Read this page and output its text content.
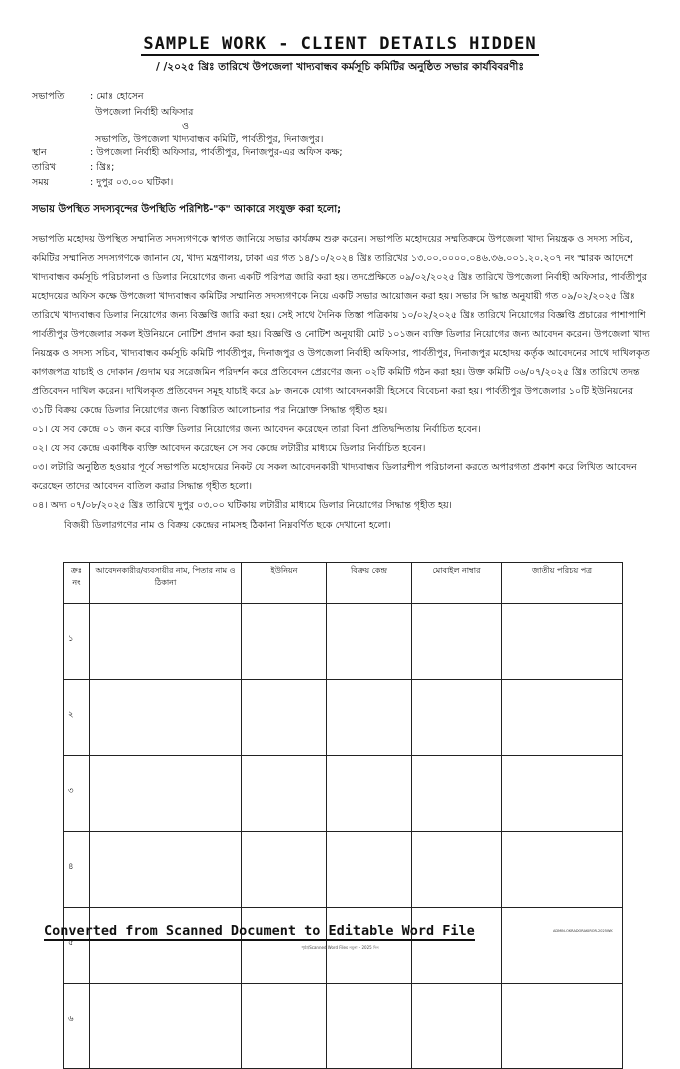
SAMPLE WORK - CLIENT DETAILS HIDDEN
/ /২০২৫ খ্রিঃ তারিখে উপজেলা খাদ্যবান্ধব কর্মসূচি কমিটির অনুষ্ঠিত সভার কার্যবিবরণীঃ
সভাপতি	: মোঃ হোসেন
উপজেলা নির্বাহী অফিসার
ও
সভাপতি, উপজেলা খাদ্যবান্ধব কমিটি, পার্বতীপুর, দিনাজপুর।
স্থান	: উপজেলা নির্বাহী অফিসার, পার্বতীপুর, দিনাজপুর-এর অফিস কক্ষ;
তারিখ	: খ্রিঃ;
সময়	: দুপুর ০৩.০০ ঘটিকা।
সভায় উপস্থিত সদস্যবৃন্দের উপস্থিতি পরিশিষ্ট-"ক" আকারে সংযুক্ত করা হলো;

সভাপতি মহোদয় উপস্থিত সম্মানিত সদস্যগণকে স্বাগত জানিয়ে সভার কার্যক্রম শুরু করেন। সভাপতি মহোদয়ের সম্মতিক্রমে উপজেলা খাদ্য নিয়ন্ত্রক ও সদস্য সচিব, কমিটির সম্মানিত সদস্যগণকে জানান যে, খাদ্য মন্ত্রণালয়, ঢাকা এর গত ১৪/১০/২০২৪ খ্রিঃ তারিখের ১৩.০০.০০০০.০৪৬.৩৬.০০১.২০.২০৭ নং স্মারক আদেশে খাদ্যবান্ধব কর্মসূচি পরিচালনা ও ডিলার নিয়োগের জন্য একটি পরিপত্র জারি করা হয়। তদপ্রেক্ষিতে ০৯/০২/২০২৫ খ্রিঃ তারিখে উপজেলা নির্বাহী অফিসার, পার্বতীপুর মহোদয়ের অফিস কক্ষে উপজেলা খাদ্যবান্ধব কমিটির সম্মানিত সদস্যগণকে নিয়ে একটি সভার আয়োজন করা হয়। সভার সি দ্ধান্ত অনুযায়ী গত ০৯/০২/২০২৫ খ্রিঃ তারিখে খাদ্যবান্ধব ডিলার নিয়োগের জন্য বিজ্ঞপ্তি জারি করা হয়। সেই সাথে দৈনিক তিস্তা পত্রিকায় ১০/০২/২০২৫ খ্রিঃ তারিখে নিয়োগের বিজ্ঞপ্তি প্রচারের পাশাপাশি পার্বতীপুর উপজেলার সকল ইউনিয়নে নোটিশ প্রদান করা হয়। বিজ্ঞপ্তি ও নোটিশ অনুযায়ী মোট ১০১জন ব্যক্তি ডিলার নিয়োগের জন্য আবেদন করেন। উপজেলা খাদ্য নিয়ন্ত্রক ও সদস্য সচিব, খাদ্যবান্ধব কর্মসূচি কমিটি পার্বতীপুর, দিনাজপুর ও উপজেলা নির্বাহী অফিসার, পার্বতীপুর, দিনাজপুর মহোদয় কর্তৃক আবেদনের সাথে দাখিলকৃত কাগজপত্র যাচাই ও দোকান /গুদাম ঘর সরেজমিন পরিদর্শন করে প্রতিবেদন প্রেরণের জন্য ০২টি কমিটি গঠন করা হয়। উক্ত কমিটি ০৬/০৭/২০২৫ খ্রিঃ তারিখে তদন্ত প্রতিবেদন দাখিল করেন। দাখিলকৃত প্রতিবেদন সমূহ যাচাই করে ৯৮ জনকে যোগ্য আবেদনকারী হিসেবে বিবেচনা করা হয়। পার্বতীপুর উপজেলার ১০টি ইউনিয়নের ৩১টি বিক্রয় কেন্দ্রে ডিলার নিয়োগের জন্য বিস্তারিত আলোচনার পর নিম্নোক্ত সিদ্ধান্ত গৃহীত হয়।

০১। যে সব কেন্দ্রে ০১ জন করে ব্যক্তি ডিলার নিয়োগের জন্য আবেদন করেছেন তারা বিনা প্রতিদ্বন্দিতায় নির্বাচিত হবেন।

০২। যে সব কেন্দ্রে একাধিক ব্যক্তি আবেদন করেছেন সে সব কেন্দ্রে লটারীর মাধ্যমে ডিলার নির্বাচিত হবেন।

০৩। লটারি অনুষ্ঠিত হওয়ার পূর্বে সভাপতি মহোদয়ের নিকট যে সকল আবেদনকারী খাদ্যবান্ধব ডিলারশীপ পরিচালনা করতে অপারগতা প্রকাশ করে লিখিত আবেদন করেছেন তাদের আবেদন বাতিল করার সিদ্ধান্ত গৃহীত হলো।

০৪। অদ্য ০৭/০৮/২০২৫ খ্রিঃ তারিখে দুপুর ০৩.০০ ঘটিকায় লটারীর মাধ্যমে ডিলার নিয়োগের সিদ্ধান্ত গৃহীত হয়।

বিজয়ী ডিলারগণের নাম ও বিক্রয় কেন্দ্রের নামসহ ঠিকানা নিম্নবর্ণিত ছকে দেখানো হলো।
ক্রঃ নং	আবেদনকারীর/ব্যবসায়ীর নাম, পিতার নাম ও ঠিকানা	ইউনিয়ন	বিক্রয় কেন্দ্র	মোবাইল নাম্বার	জাতীয় পরিচয় পত্র
১					
২					
৩					
৪					
৫					
৬					
Converted from Scanned Document to Editable Word File	ADMIN-OKRADORAKIROR-2025WK
পৃষ্ঠা/Scanned Word Files নমুনা - 2025 দিন
